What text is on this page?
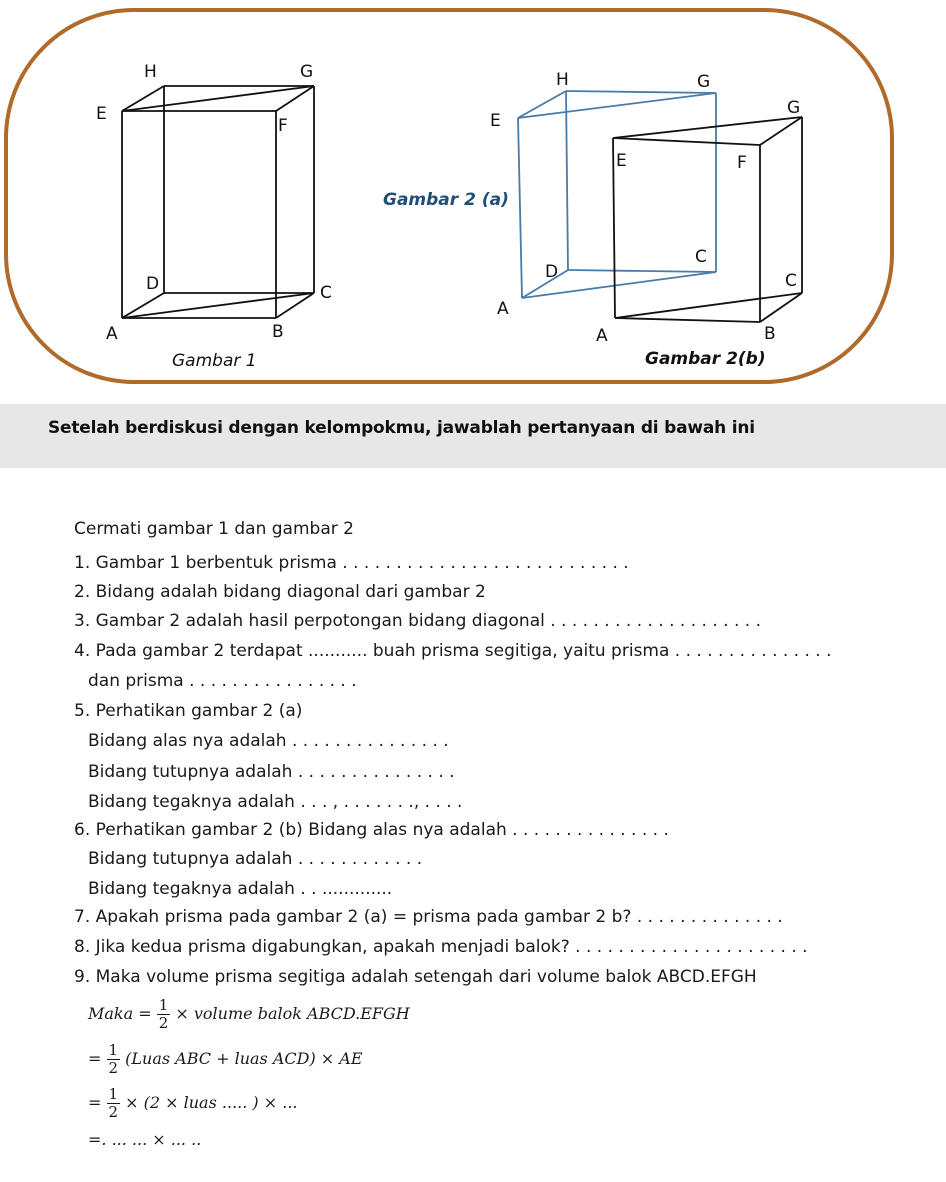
H	G
E
F
D	C
A	B
Gambar 1
H	G
E
Gambar 2 (a)
D
C
A
G
E	F
C
A	B
Gambar 2(b)
Setelah berdiskusi dengan kelompokmu, jawablah pertanyaan di bawah ini
Cermati gambar 1 dan gambar 2
1. Gambar 1 berbentuk prisma . . . . . . . . . . . . . . . . . . . . . . . . . . .
2. Bidang adalah bidang diagonal dari gambar 2
3. Gambar 2 adalah hasil perpotongan bidang diagonal . . . . . . . . . . . . . . . . . . . .
4. Pada gambar 2 terdapat ........... buah prisma segitiga, yaitu prisma . . . . . . . . . . . . . . .
dan prisma . . . . . . . . . . . . . . . .
5. Perhatikan gambar 2 (a)
Bidang alas nya adalah . . . . . . . . . . . . . . .
Bidang tutupnya adalah . . . . . . . . . . . . . . .
Bidang tegaknya adalah . . . , . . . . . . ., . . . .
6. Perhatikan gambar 2 (b) Bidang alas nya adalah . . . . . . . . . . . . . . .
Bidang tutupnya adalah . . . . . . . . . . . .
Bidang tegaknya adalah . . .............
7. Apakah prisma pada gambar 2 (a) = prisma pada gambar 2 b? . . . . . . . . . . . . . .
8. Jika kedua prisma digabungkan, apakah menjadi balok? . . . . . . . . . . . . . . . . . . . . . .
9. Maka volume prisma segitiga adalah setengah dari volume balok ABCD.EFGH
Maka = $\frac{1}{2}$ × volume balok ABCD.EFGH
= $\frac{1}{2}$ (Luas ABC + luas ACD) × AE
= $\frac{1}{2} \times (2$ × luas ..... ) × ...
=. ... ... × ... ..
